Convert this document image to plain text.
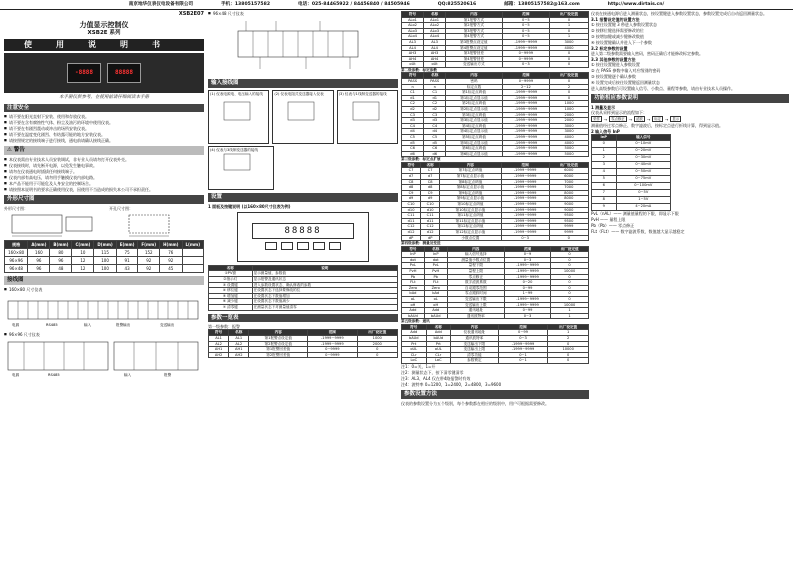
南京地华仪表仪电设备有限公司	手机：13805157582	电话：025-84465922 / 84456840 / 84505946	QQ:825520616	邮箱：13805157582@163.com	http://www.dirtais.cn/
XSB2E07
力值显示控制仪
XSB2E 系列
使用说明书
-8888	88888
本手册仅供参考，在使用前请仔细阅读本手册
注意安全
■ 请不要在阳光直射下安装、使用和存放仪表。
■ 请不要在含有腐蚀性气体、粉尘及油污的环境中使用仪表。
■ 请不要在有剧烈震动或冲击的场所安装仪表。
■ 请不要在温度变化剧烈、有结露可能的地方安装仪表。
■ 请按照规定的接线端子进行接线，通电前请确认接线正确。
⚠ 警告
■ 本仪表需由专业技术人员安装调试，非专业人员请勿打开仪表外壳。
■ 仪表接线时，请先断开电源，以免发生触电事故。
■ 请勿在仪表通电时插拔任何接线端子。
■ 仪表内部有高电压，请勿用手触摸仪表内部电路。
■ 本产品不能用于可能危及人身安全的控制场合。
■ 请按照本说明书的要求正确使用仪表，因使用不当造成的损失本公司不承担责任。
外形尺寸图
外形尺寸图：	开孔尺寸图：
规格	A(mm)	B(mm)	C(mm)	D(mm)	E(mm)	F(mm)	H(mm)	L(mm)
160×80	160	80	10	115	75	152	76	
96×96	96	96	12	100	91	92	92	
96×48	96	48	12	100	43	92	45	
接线图
■ 160×80 尺寸仪表
电源	RS485	输入	报警输出	变送输出
■ 96×96 尺寸仪表
电源	RS485	输入	报警
■ 96×48 尺寸仪表
输入接线图
(1) 仪表电源电、电压输入的接线	(2) 仪表电阻式变送器接入仪表	(3) 仪表与1线制变送器的接线
(4) 仪表与3线制变送器的接线
设置
1 面板及按键说明 (以160×80尺寸仪表为例)
88888
名称	说明
①PV窗	显示测量值、参数值
②指示灯	显示报警及通讯状态
③ 设置键	进入参数设置状态、确认修改的参数
④ 移位键	在设置状态下选择要修改的位
⑤ 增加键	在设置状态下数值增加
⑥ 减少键	在设置状态下数值减少
⑦ 清零键	在测量状态下对测量值清零
参数一览表
第一级参数：报警
符号	名称	内容	范围	出厂设定值
AL1	AL1	第1报警点设定值	-1999~9999	1000
AL2	AL2	第2报警点设定值	-1999~9999	2000
AH1	AH1	第1报警回差值	0~9999	0
AH2	AH2	第2报警回差值	0~9999	0
符号	名称	内容	范围	出厂设定值
ALo1	ALo1	第1报警方式	0~5	0
ALo2	ALo2	第2报警方式	0~5	1
ALo3	ALo3	第3报警方式	0~5	0
ALo4	ALo4	第4报警方式	0~5	1
AL3	AL3	第3报警点设定值	-1999~9999	3000
AL4	AL4	第4报警点设定值	-1999~9999	4000
AH3	AH3	第3报警回差	0~9999	0
AH4	AH4	第4报警回差	0~9999	0
oUt	oUt	变送输出方式	0~3	0
第二级参数：标定参数
符号	名称	内容	范围	出厂设定值
PASS	PASS	密码	0~9999	0
n	n	标定点数	2~12	2
C1	C1	第1标定点码值	-1999~9999	0
d1	d1	第1标定点显示值	-1999~9999	0
C2	C2	第2标定点码值	-1999~9999	1000
d2	d2	第2标定点显示值	-1999~9999	1000
C3	C3	第3标定点码值	-1999~9999	2000
d3	d3	第3标定点显示值	-1999~9999	2000
C4	C4	第4标定点码值	-1999~9999	3000
d4	d4	第4标定点显示值	-1999~9999	3000
C5	C5	第5标定点码值	-1999~9999	4000
d5	d5	第5标定点显示值	-1999~9999	4000
C6	C6	第6标定点码值	-1999~9999	5000
d6	d6	第6标定点显示值	-1999~9999	5000
第三级参数：标定点扩展
符号	名称	内容	范围	出厂设定值
C7	C7	第7标定点码值	-1999~9999	6000
d7	d7	第7标定点显示值	-1999~9999	6000
C8	C8	第8标定点码值	-1999~9999	7000
d8	d8	第8标定点显示值	-1999~9999	7000
C9	C9	第9标定点码值	-1999~9999	8000
d9	d9	第9标定点显示值	-1999~9999	8000
C10	C10	第10标定点码值	-1999~9999	9000
d10	d10	第10标定点显示值	-1999~9999	9000
C11	C11	第11标定点码值	-1999~9999	9500
d11	d11	第11标定点显示值	-1999~9999	9500
C12	C12	第12标定点码值	-1999~9999	9999
d12	d12	第12标定点显示值	-1999~9999	9999
dP	dP	小数点位置	0~3	0
第四级参数：测量及变送
符号	名称	内容	范围	出厂设定值
InP	InP	输入信号选择	0~9	0
dot	dot	测量值小数点位置	0~3	0
PvL	PvL	量程下限	-1999~9999	0
PvH	PvH	量程上限	-1999~9999	10000
Pb	Pb	零点修正	-1999~9999	0
FLt	FLt	数字滤波系数	0~20	0
Zero	Zero	自动跟零范围	0~99	0
bAd	bAd	零点跟踪时间	1~99	0
oL	oL	变送输出下限	-1999~9999	0
oH	oH	变送输出上限	-1999~9999	10000
Add	Add	通讯地址	0~99	1
bAUd	bAUd	通讯波特率	0~3	1
第五级参数：通讯
符号	名称	内容	范围	出厂设定值
Add	Add	仪表通讯地址	0~99	1
bAUd	bAUd	通讯波特率	0~3	2
Prt	Prt	变送输出下限	-1999~9999	0
oUL	oUL	变送输出上限	-1999~9999	10000
CLr	CLr	清零功能	0~1	0
LoC	LoC	参数锁定	0~1	0
注1：0=关，1=开
注2：测量状态下，按下清零键清零
注3：AL3、AL4 仅在带4路报警时有效
注4：波特率 0=1200，1=2400，2=4800，3=9600
参数设置方法
仪表的参数设置分为五个级别，每个参数都在相应的级别中，用户可根据需要修改。
仪表在接通电源后进入测量状态，按设置键进入参数设置状态，参数设置完成后自动返回测量状态。
3.1 报警设定值的设置方法
① 按住设置键 3 秒进入参数设置状态
② 按移位键选择需要修改的位
③ 按增加键或减少键修改数值
④ 按设置键确认并进入下一个参数
3.2 标定参数的设置
进入第二级参数需要输入密码，密码正确后才能修改标定参数。
3.3 其他参数的设置方法
① 按住设置键进入参数设置
② 在 PASS 参数中输入对应级别的密码
③ 按设置键逐个确认参数
④ 设置完成后按住设置键返回测量状态
进入高级参数后可设置输入信号、小数点、量程等参数，请由专业技术人员操作。
功能相应参数说明
1 测量及显示
仪表从采样到显示的流程如下：
采样	→	零点修正	→	滤波	→	标定	→	显示
测量值经过零点修正、数字滤波后，按标定点进行折线计算，得到显示值。
2 输入信号 InP
InP	输入信号
0	0~10mV
1	0~20mV
2	0~30mV
3	0~40mV
4	0~50mV
5	0~75mV
6	0~100mV
7	0~5V
8	1~5V
9	4~20mA
PvL（nAL）—— 测量值量程的下限，即显示下限
PvH —— 量程上限
Pb（Pb）—— 零点修正
FLt（FLt）—— 数字滤波系数，数值越大显示越稳定
